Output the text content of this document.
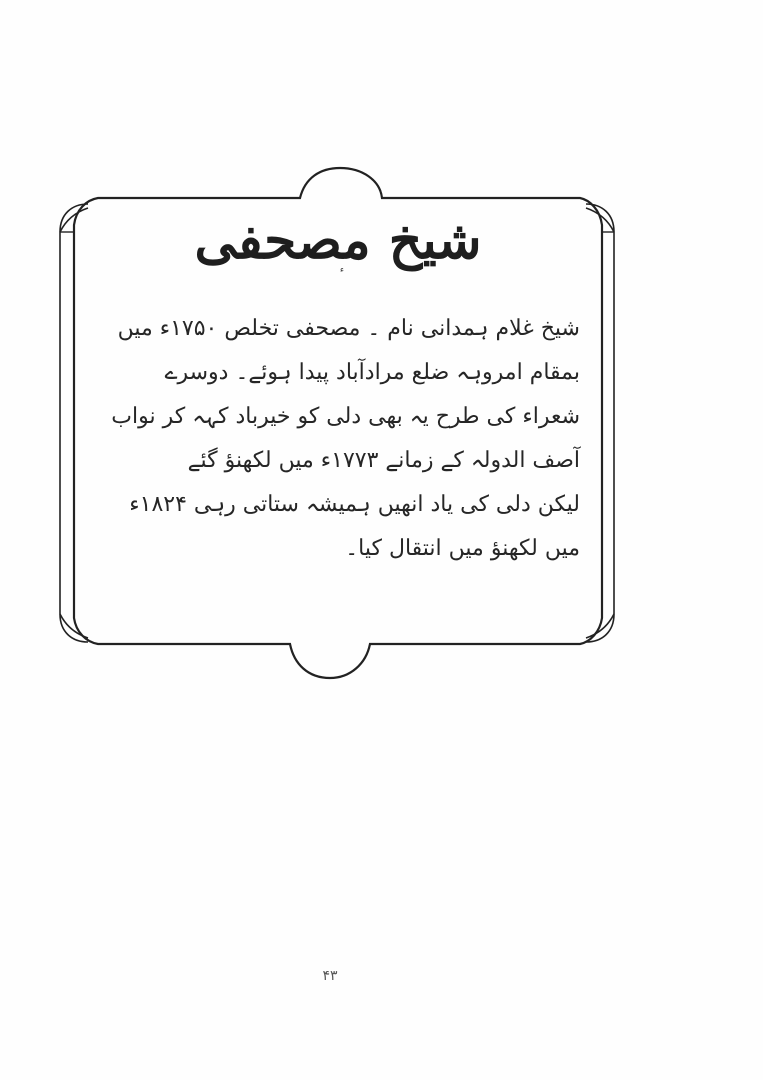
شیخ مصحفی
شیخ غلام ہمدانی نام ۔ مصحفی تخلص ۱۷۵۰ء میں
بمقام امروہہ ضلع مرادآباد پیدا ہوئے۔ دوسرے
شعراء کی طرح یہ بھی دلی کو خیرباد کہہ کر نواب
آصف الدولہ کے زمانے ۱۷۷۳ء میں لکھنؤ گئے
لیکن دلی کی یاد انھیں ہمیشہ ستاتی رہی ۱۸۲۴ء
میں لکھنؤ میں انتقال کیا۔
۴۳
